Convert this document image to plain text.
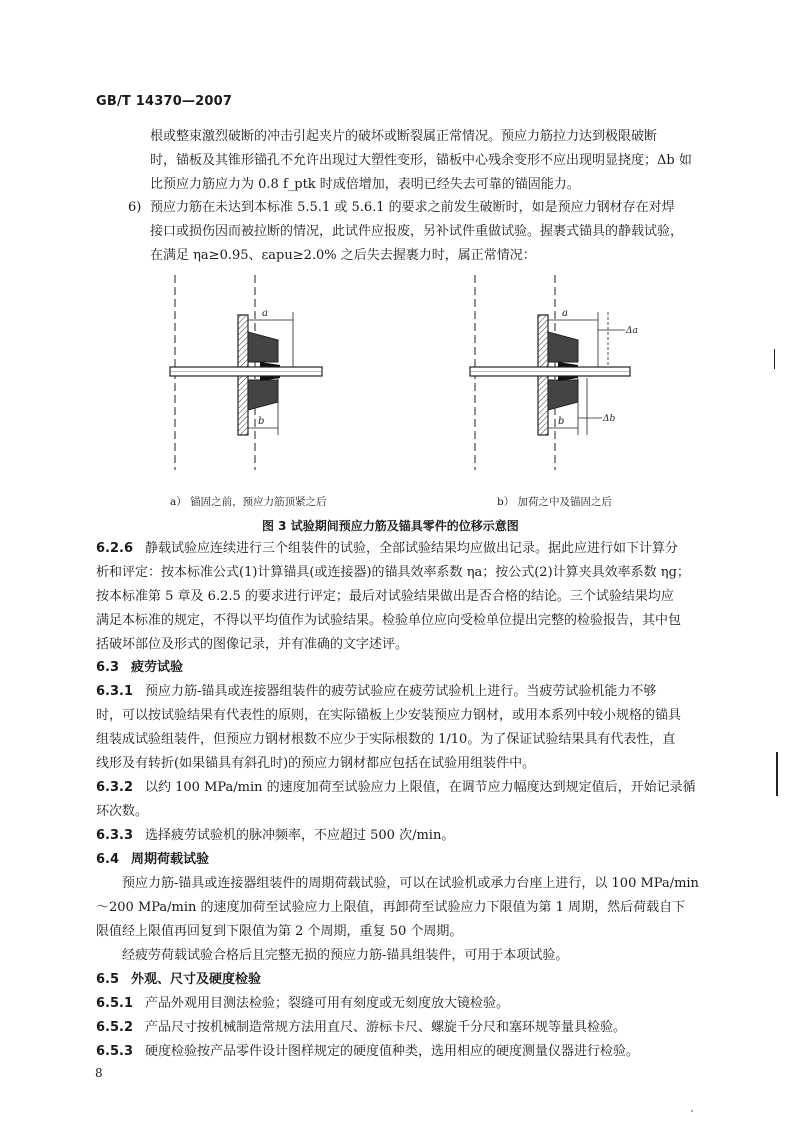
GB/T 14370—2007
根或整束激烈破断的冲击引起夹片的破坏或断裂属正常情况。预应力筋拉力达到极限破断
时，锚板及其锥形锚孔不允许出现过大塑性变形，锚板中心残余变形不应出现明显挠度；Δb 如
比预应力筋应力为 0.8 f_ptk 时成倍增加，表明已经失去可靠的锚固能力。
6) 预应力筋在未达到本标准 5.5.1 或 5.6.1 的要求之前发生破断时，如是预应力钢材存在对焊
接口或损伤因而被拉断的情况，此试件应报废，另补试件重做试验。握裹式锚具的静载试验，
在满足 ηa≥0.95、εapu≥2.0% 之后失去握裹力时，属正常情况：
a
b
a
Δa
b	Δb
a） 锚固之前，预应力筋顶紧之后	b） 加荷之中及锚固之后
图 3 试验期间预应力筋及锚具零件的位移示意图
6.2.6 静载试验应连续进行三个组装件的试验，全部试验结果均应做出记录。据此应进行如下计算分
析和评定：按本标准公式(1)计算锚具(或连接器)的锚具效率系数 ηa；按公式(2)计算夹具效率系数 ηg；
按本标准第 5 章及 6.2.5 的要求进行评定；最后对试验结果做出是否合格的结论。三个试验结果均应
满足本标准的规定，不得以平均值作为试验结果。检验单位应向受检单位提出完整的检验报告，其中包
括破坏部位及形式的图像记录，并有准确的文字述评。
6.3 疲劳试验
6.3.1 预应力筋-锚具或连接器组装件的疲劳试验应在疲劳试验机上进行。当疲劳试验机能力不够
时，可以按试验结果有代表性的原则，在实际锚板上少安装预应力钢材，或用本系列中较小规格的锚具
组装成试验组装件，但预应力钢材根数不应少于实际根数的 1/10。为了保证试验结果具有代表性，直
线形及有转折(如果锚具有斜孔时)的预应力钢材都应包括在试验用组装件中。
6.3.2 以约 100 MPa/min 的速度加荷至试验应力上限值，在调节应力幅度达到规定值后，开始记录循
环次数。
6.3.3 选择疲劳试验机的脉冲频率，不应超过 500 次/min。
6.4 周期荷载试验
预应力筋-锚具或连接器组装件的周期荷载试验，可以在试验机或承力台座上进行，以 100 MPa/min
～200 MPa/min 的速度加荷至试验应力上限值，再卸荷至试验应力下限值为第 1 周期，然后荷载自下
限值经上限值再回复到下限值为第 2 个周期，重复 50 个周期。
经疲劳荷载试验合格后且完整无损的预应力筋-锚具组装件，可用于本项试验。
6.5 外观、尺寸及硬度检验
6.5.1 产品外观用目测法检验；裂缝可用有刻度或无刻度放大镜检验。
6.5.2 产品尺寸按机械制造常规方法用直尺、游标卡尺、螺旋千分尺和塞环规等量具检验。
6.5.3 硬度检验按产品零件设计图样规定的硬度值种类，选用相应的硬度测量仪器进行检验。
8
